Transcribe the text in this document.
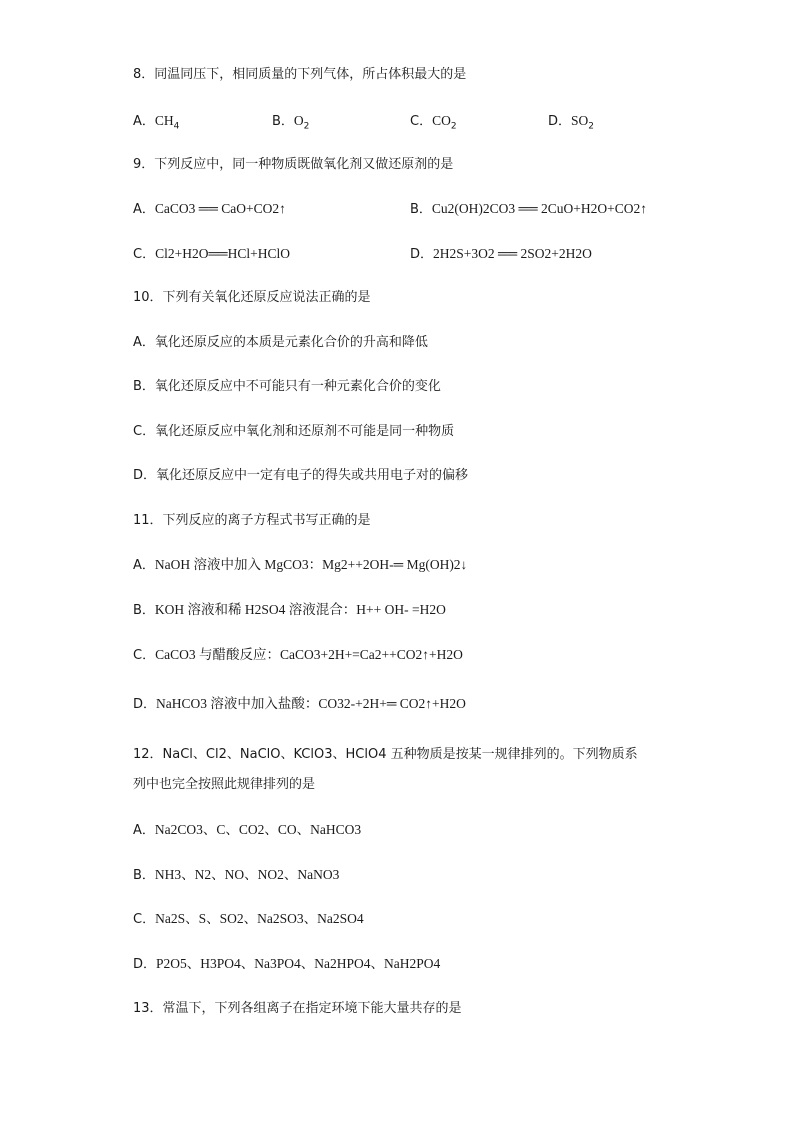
8．同温同压下，相同质量的下列气体，所占体积最大的是
A．$CH_4$	B．$O_2$	C．$CO_2$	D．$SO_2$
9．下列反应中，同一种物质既做氧化剂又做还原剂的是
A．CaCO3 ══ CaO+CO2↑	B．Cu2(OH)2CO3 ══ 2CuO+H2O+CO2↑
C．Cl2+H2O══HCl+HClO	D．2H2S+3O2 ══ 2SO2+2H2O
10．下列有关氧化还原反应说法正确的是
A．氧化还原反应的本质是元素化合价的升高和降低
B．氧化还原反应中不可能只有一种元素化合价的变化
C．氧化还原反应中氧化剂和还原剂不可能是同一种物质
D．氧化还原反应中一定有电子的得失或共用电子对的偏移
11．下列反应的离子方程式书写正确的是
A．NaOH 溶液中加入 MgCO3：Mg2++2OH-═ Mg(OH)2↓
B．KOH 溶液和稀 H2SO4 溶液混合：H++ OH- =H2O
C．CaCO3 与醋酸反应：CaCO3+2H+=Ca2++CO2↑+H2O
D．NaHCO3 溶液中加入盐酸：CO32-+2H+═ CO2↑+H2O
12．NaCl、Cl2、NaClO、KClO3、HClO4 五种物质是按某一规律排列的。下列物质系
列中也完全按照此规律排列的是
A．Na2CO3、C、CO2、CO、NaHCO3
B．NH3、N2、NO、NO2、NaNO3
C．Na2S、S、SO2、Na2SO3、Na2SO4
D．P2O5、H3PO4、Na3PO4、Na2HPO4、NaH2PO4
13．常温下，下列各组离子在指定环境下能大量共存的是
